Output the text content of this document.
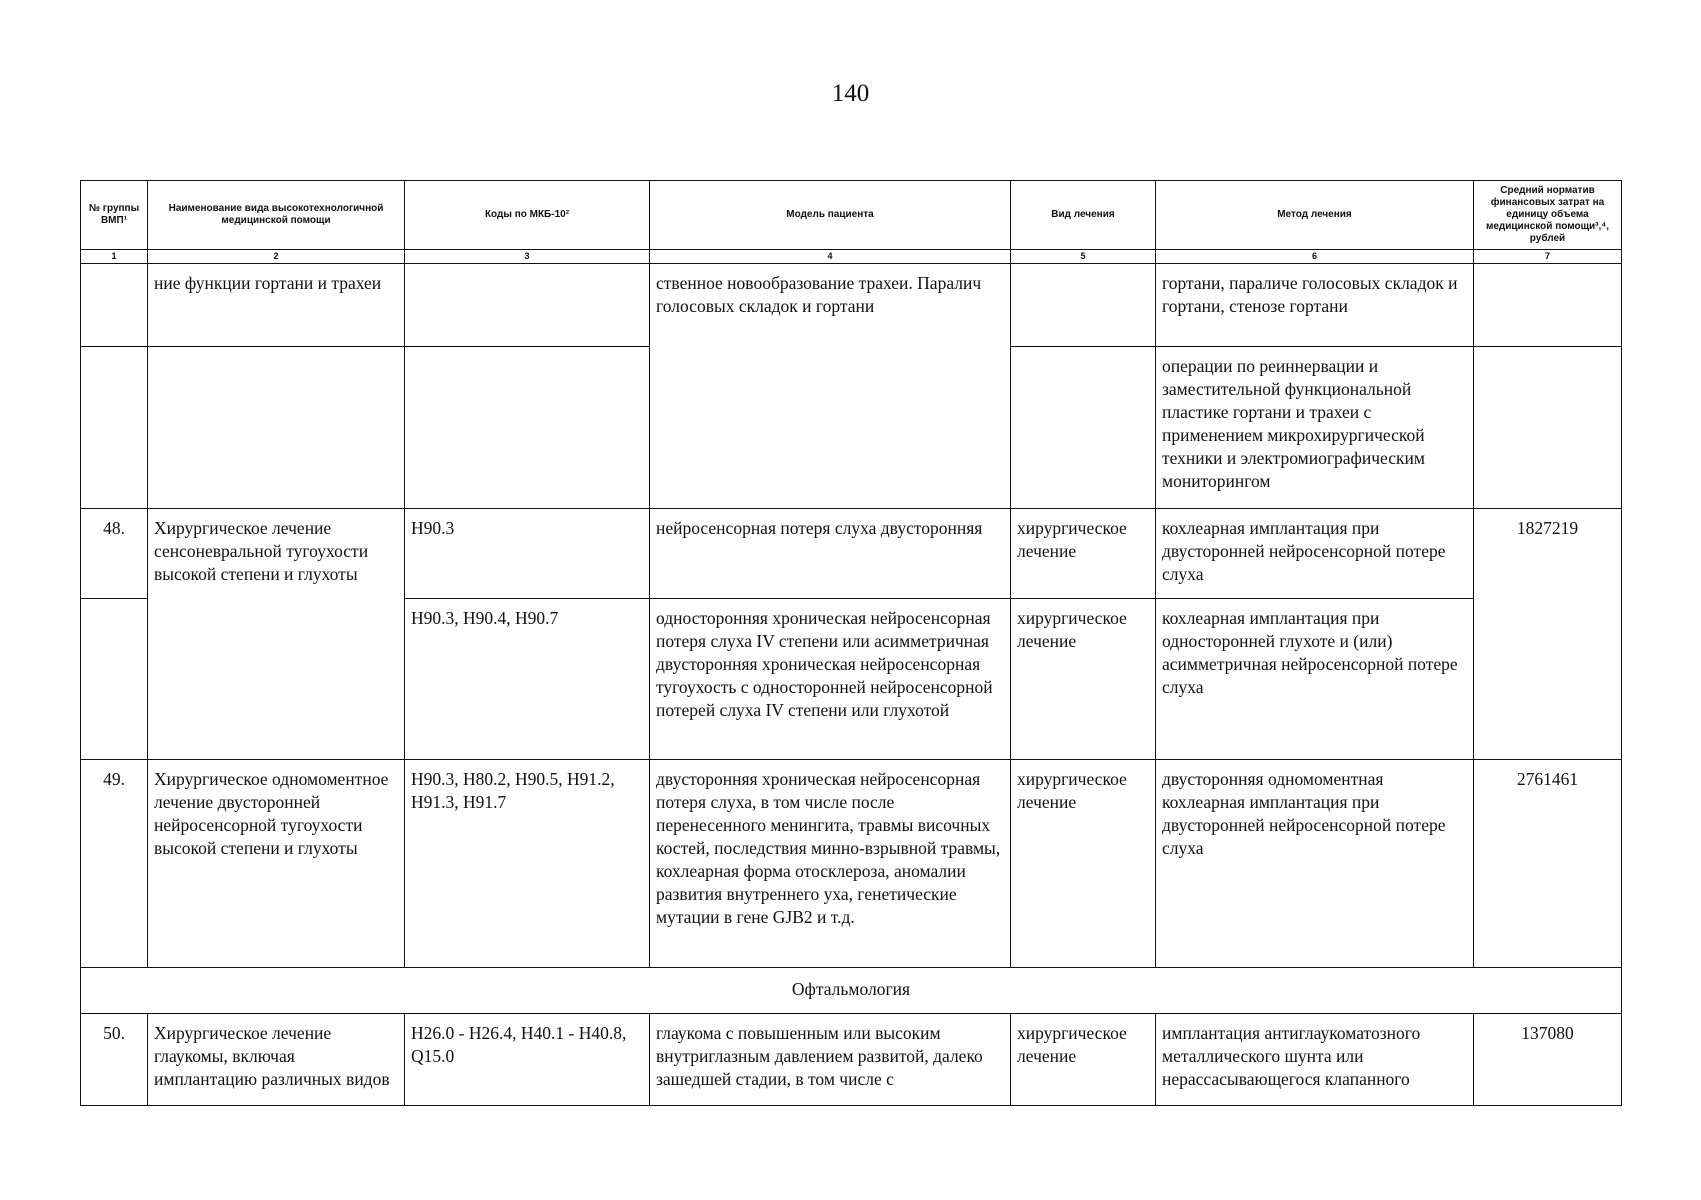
140
№ группы ВМП¹	Наименование вида высокотехнологичной медицинской помощи	Коды по МКБ-10²	Модель пациента	Вид лечения	Метод лечения	Средний норматив финансовых затрат на единицу объема медицинской помощи³,⁴, рублей
1	2	3	4	5	6	7
	ние функции гортани и трахеи		ственное новообразование трахеи. Паралич голосовых складок и гортани		гортани, параличе голосовых складок и гортани, стенозе гортани	
					операции по реиннервации и заместительной функциональной пластике гортани и трахеи с применением микрохирургической техники и электромиографическим мониторингом	
48.	Хирургическое лечение сенсоневральной тугоухости высокой степени и глухоты	H90.3	нейросенсорная потеря слуха двусторонняя	хирургическое лечение	кохлеарная имплантация при двусторонней нейросенсорной потере слуха	1827219
		H90.3, H90.4, H90.7	односторонняя хроническая нейросенсорная потеря слуха IV степени или асимметричная двусторонняя хроническая нейросенсорная тугоухость с односторонней нейросенсорной потерей слуха IV степени или глухотой	хирургическое лечение	кохлеарная имплантация при односторонней глухоте и (или) асимметричная нейросенсорной потере слуха	
49.	Хирургическое одномоментное лечение двусторонней нейросенсорной тугоухости высокой степени и глухоты	H90.3, H80.2, H90.5, H91.2, H91.3, H91.7	двусторонняя хроническая нейросенсорная потеря слуха, в том числе после перенесенного менингита, травмы височных костей, последствия минно-взрывной травмы, кохлеарная форма отосклероза, аномалии развития внутреннего уха, генетические мутации в гене GJB2 и т.д.	хирургическое лечение	двусторонняя одномоментная кохлеарная имплантация при двусторонней нейросенсорной потере слуха	2761461
Офтальмология						
50.	Хирургическое лечение глаукомы, включая имплантацию различных видов	H26.0 - H26.4, H40.1 - H40.8, Q15.0	глаукома с повышенным или высоким внутриглазным давлением развитой, далеко зашедшей стадии, в том числе с	хирургическое лечение	имплантация антиглаукоматозного металлического шунта или нерассасывающегося клапанного	137080
